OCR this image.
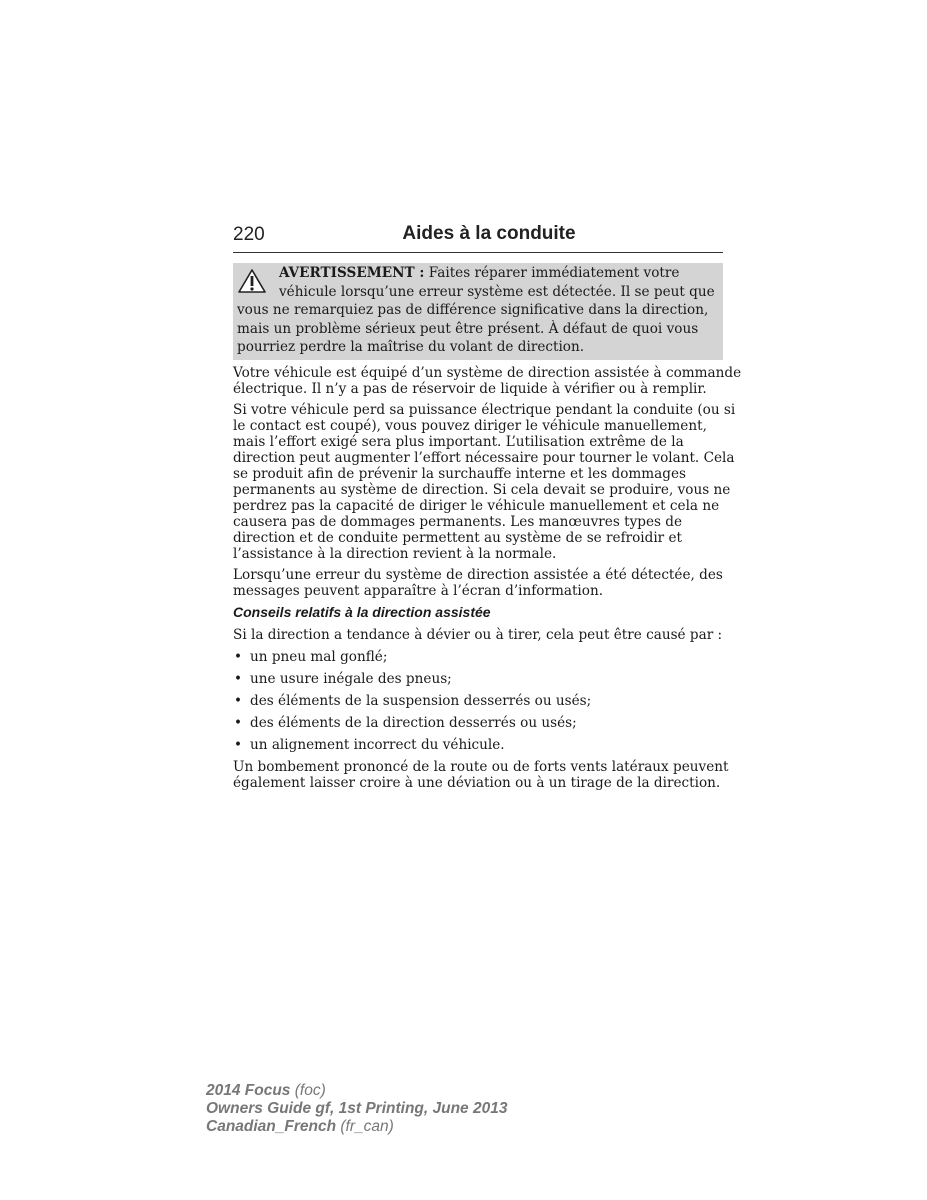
220	Aides à la conduite
AVERTISSEMENT : Faites réparer immédiatement votre
véhicule lorsqu’une erreur système est détectée. Il se peut que
vous ne remarquiez pas de différence significative dans la direction,
mais un problème sérieux peut être présent. À défaut de quoi vous
pourriez perdre la maîtrise du volant de direction.
Votre véhicule est équipé d’un système de direction assistée à commande
électrique. Il n’y a pas de réservoir de liquide à vérifier ou à remplir.
Si votre véhicule perd sa puissance électrique pendant la conduite (ou si
le contact est coupé), vous pouvez diriger le véhicule manuellement,
mais l’effort exigé sera plus important. L’utilisation extrême de la
direction peut augmenter l’effort nécessaire pour tourner le volant. Cela
se produit afin de prévenir la surchauffe interne et les dommages
permanents au système de direction. Si cela devait se produire, vous ne
perdrez pas la capacité de diriger le véhicule manuellement et cela ne
causera pas de dommages permanents. Les manœuvres types de
direction et de conduite permettent au système de se refroidir et
l’assistance à la direction revient à la normale.
Lorsqu’une erreur du système de direction assistée a été détectée, des
messages peuvent apparaître à l’écran d’information.
Conseils relatifs à la direction assistée
Si la direction a tendance à dévier ou à tirer, cela peut être causé par :
• un pneu mal gonflé;
• une usure inégale des pneus;
• des éléments de la suspension desserrés ou usés;
• des éléments de la direction desserrés ou usés;
• un alignement incorrect du véhicule.
Un bombement prononcé de la route ou de forts vents latéraux peuvent
également laisser croire à une déviation ou à un tirage de la direction.
2014 Focus (foc)
Owners Guide gf, 1st Printing, June 2013
Canadian_French (fr_can)
